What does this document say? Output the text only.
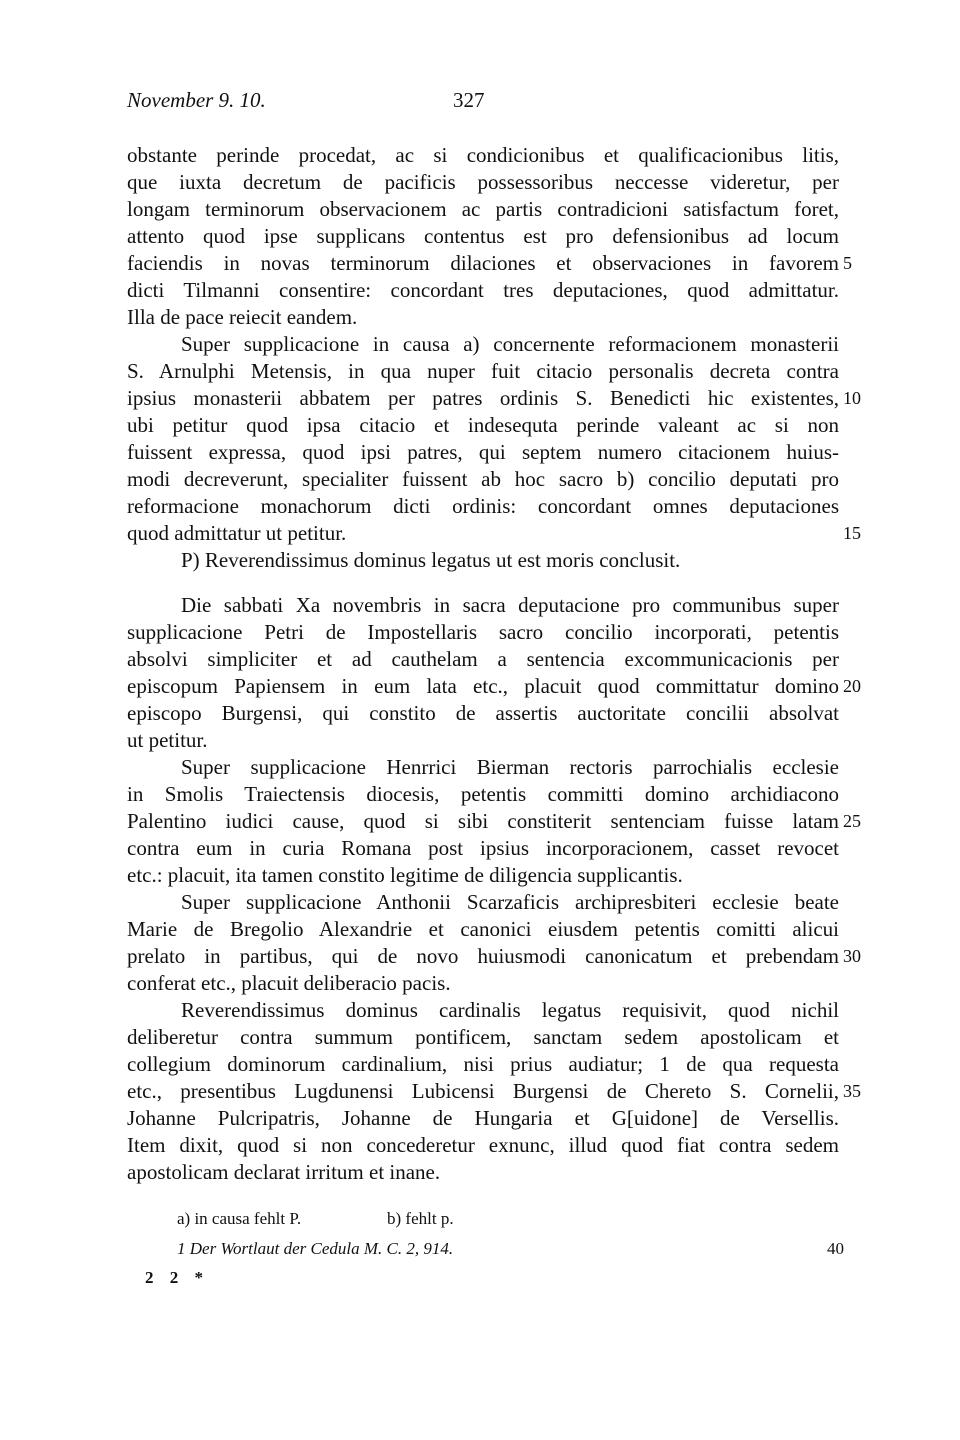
November 9. 10.	327
obstante perinde procedat, ac si condicionibus et qualificacionibus litis,
que iuxta decretum de pacificis possessoribus neccesse videretur, per
longam terminorum observacionem ac partis contradicioni satisfactum foret,
attento quod ipse supplicans contentus est pro defensionibus ad locum
faciendis in novas terminorum dilaciones et observaciones in favorem 5
dicti Tilmanni consentire: concordant tres deputaciones, quod admittatur.
Illa de pace reiecit eandem.
Super supplicacione in causa a) concernente reformacionem monasterii
S. Arnulphi Metensis, in qua nuper fuit citacio personalis decreta contra
ipsius monasterii abbatem per patres ordinis S. Benedicti hic existentes, 10
ubi petitur quod ipsa citacio et indesequta perinde valeant ac si non
fuissent expressa, quod ipsi patres, qui septem numero citacionem huius-
modi decreverunt, specialiter fuissent ab hoc sacro b) concilio deputati pro
reformacione monachorum dicti ordinis: concordant omnes deputaciones
quod admittatur ut petitur.	15
P) Reverendissimus dominus legatus ut est moris conclusit.
Die sabbati Xa novembris in sacra deputacione pro communibus super
supplicacione Petri de Impostellaris sacro concilio incorporati, petentis
absolvi simpliciter et ad cauthelam a sentencia excommunicacionis per
episcopum Papiensem in eum lata etc., placuit quod committatur domino 20
episcopo Burgensi, qui constito de assertis auctoritate concilii absolvat
ut petitur.
Super supplicacione Henrrici Bierman rectoris parrochialis ecclesie
in Smolis Traiectensis diocesis, petentis committi domino archidiacono
Palentino iudici cause, quod si sibi constiterit sentenciam fuisse latam 25
contra eum in curia Romana post ipsius incorporacionem, casset revocet
etc.: placuit, ita tamen constito legitime de diligencia supplicantis.
Super supplicacione Anthonii Scarzaficis archipresbiteri ecclesie beate
Marie de Bregolio Alexandrie et canonici eiusdem petentis comitti alicui
prelato in partibus, qui de novo huiusmodi canonicatum et prebendam 30
conferat etc., placuit deliberacio pacis.
Reverendissimus dominus cardinalis legatus requisivit, quod nichil
deliberetur contra summum pontificem, sanctam sedem apostolicam et
collegium dominorum cardinalium, nisi prius audiatur; 1 de qua requesta
etc., presentibus Lugdunensi Lubicensi Burgensi de Chereto S. Cornelii, 35
Johanne Pulcripatris, Johanne de Hungaria et G[uidone] de Versellis.
Item dixit, quod si non concederetur exnunc, illud quod fiat contra sedem
apostolicam declarat irritum et inane.
a) in causa fehlt P.	b) fehlt p.
1 Der Wortlaut der Cedula M. C. 2, 914.	40
2 2 *
